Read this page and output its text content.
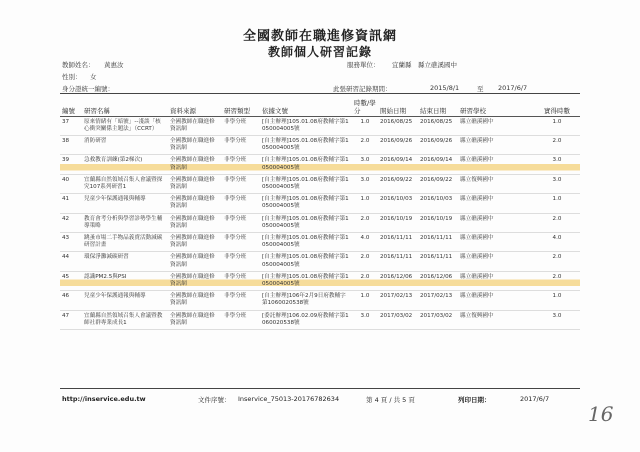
全國教師在職進修資訊網
教師個人研習記錄
教師姓名： 黃惠汝
性別： 女
身分證統一編號：
服務單位： 宜蘭縣　縣立礁溪國中
此張研習記錄期間：	2015/8/1	至 2017/6/7
編號	研習名稱	資料來源	研習類型	依據文號	時數/學分	開始日期	結束日期	研習學校	實得時數
37	原來情緒有「暗號」--淺談「核心衝突關係主題法」（CCRT）	全國教師在職進修資訊網	非學分班	[自主辦理]105.01.08府教輔字第1050004005號	1.0	2016/08/25	2016/08/25	縣立礁溪國中	1.0
38	消防研習	全國教師在職進修資訊網	非學分班	[自主辦理]105.01.08府教輔字第1050004005號	2.0	2016/09/26	2016/09/26	縣立礁溪國中	2.0
39	急救教育訓練(第2梯次)	全國教師在職進修資訊網	非學分班	[自主辦理]105.01.08府教輔字第1050004005號	3.0	2016/09/14	2016/09/14	縣立礁溪國中	3.0
40	宜蘭縣自然領域召集人會議暨探究107系列研習1	全國教師在職進修資訊網	非學分班	[自主辦理]105.01.08府教輔字第1050004005號	3.0	2016/09/22	2016/09/22	縣立復興國中	3.0
41	兒童少年保護通報與輔導	全國教師在職進修資訊網	非學分班	[自主辦理]105.01.08府教輔字第1050004005號	1.0	2016/10/03	2016/10/03	縣立礁溪國中	1.0
42	教育會考分析與學習診勢學生輔導策略	全國教師在職進修資訊網	非學分班	[自主辦理]105.01.08府教輔字第1050004005號	2.0	2016/10/19	2016/10/19	縣立礁溪國中	2.0
43	跳蚤市場二手物品義賣活動減碳研習計畫	全國教師在職進修資訊網	非學分班	[自主辦理]105.01.08府教輔字第1050004005號	4.0	2016/11/11	2016/11/11	縣立礁溪國中	4.0
44	環保淨灘減碳研習	全國教師在職進修資訊網	非學分班	[自主辦理]105.01.08府教輔字第1050004005號	2.0	2016/11/11	2016/11/11	縣立礁溪國中	2.0
45	認識PM2.5與PSI	全國教師在職進修資訊網	非學分班	[自主辦理]105.01.08府教輔字第1050004005號	2.0	2016/12/06	2016/12/06	縣立礁溪國中	2.0
46	兒童少年保護通報與輔導	全國教師在職進修資訊網	非學分班	[自主辦理]106年2月9日府教輔字第1060020538號	1.0	2017/02/13	2017/02/13	縣立礁溪國中	1.0
47	宜蘭縣自然領域召集人會議暨教師社群專業成長1	全國教師在職進修資訊網	非學分班	[委託辦理]106.02.09府教輔字第1060020538號	3.0	2017/03/02	2017/03/02	縣立復興國中	3.0
http://inservice.edu.tw	文件序號： Inservice_75013-20176782634	第 4 頁 / 共 5 頁	列印日期：	2017/6/7
16
